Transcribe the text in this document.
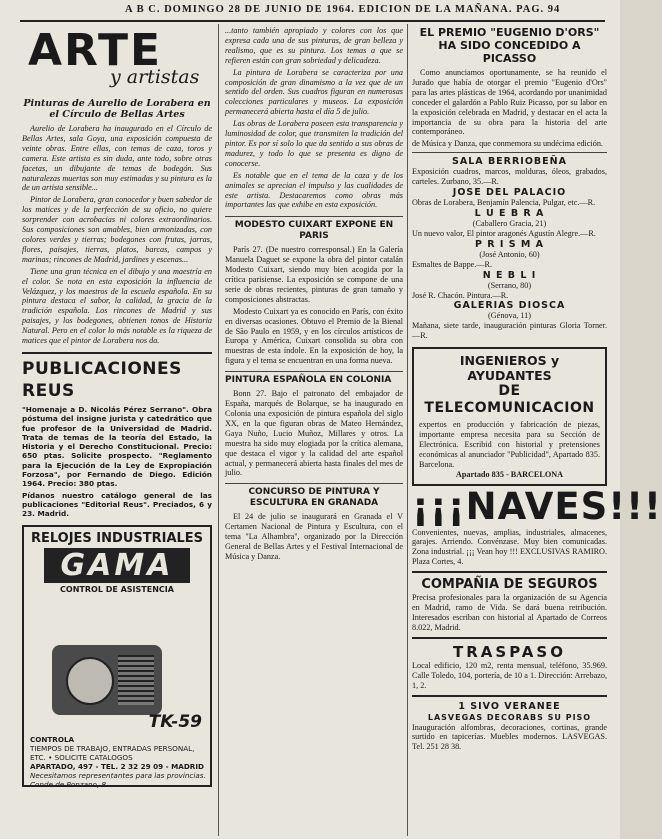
A B C. DOMINGO 28 DE JUNIO DE 1964. EDICION DE LA MAÑANA. PAG. 94
ARTE
y artistas

Pinturas de Aurelio de Lorabera en el Círculo de Bellas Artes

Aurelio de Lorabera ha inaugurado en el Círculo de Bellas Artes, sala Goya, una exposición compuesta de veinte obras. Entre ellas, con temas de caza, toros y camera. Este artista es sin duda, ante todo, sobre otras facetas, un dibujante de temas de bodegón. Sus naturalezas muertas son muy estimadas y su pintura es la de un artista sensible...

Pintor de Lorabera, gran conocedor y buen sabedor de los matices y de la perfección de su oficio, no quiere sorprender con acrobacias ni colores extraordinarios. Sus composiciones son amables, bien armonizadas, con colores verdes y tierras; bodegones con frutas, jarras, flores, paisajes, tierras, platos, barcas, campos y marinas; rincones de Madrid, jardines y escenas...

Tiene una gran técnica en el dibujo y una maestría en el color. Se nota en esta exposición la influencia de Velázquez, y los maestros de la escuela española. En su pintura destaca el sabor, la calidad, la gracia de la tradición española. Los rincones de Madrid y sus paisajes, y los bodegones, obtienen tonos de Historia Natural. Pero en el color lo más notable es la riqueza de matices que el pintor de Lorabera nos da.

PUBLICACIONES REUS

"Homenaje a D. Nicolás Pérez Serrano". Obra póstuma del insigne jurista y catedrático que fue profesor de la Universidad de Madrid. Trata de temas de la teoría del Estado, la Historia y el Derecho Constitucional. Precio: 650 ptas. Solicite prospecto. "Reglamento para la Ejecución de la Ley de Expropiación Forzosa", por Fernando de Diego. Edición 1964. Precio: 380 ptas.

Pídanos nuestro catálogo general de las publicaciones "Editorial Reus". Preciados, 6 y 23. Madrid.

RELOJES INDUSTRIALES
GAMA
CONTROL DE ASISTENCIA
TK-59
CONTROLA
TIEMPOS DE TRABAJO, ENTRADAS PERSONAL, ETC. • SOLICITE CATALOGOS
APARTADO, 497 - TEL. 2 32 29 09 - MADRID
Necesitamos representantes para las provincias. Conde de Ponzano, 8

...tanto también apropiado y colores con los que expresa cada una de sus pinturas, de gran belleza y realismo, que es su pintura. Los temas a que se refieren están con gran sobriedad y delicadeza.

La pintura de Lorabera se caracteriza por una composición de gran dinamismo a la vez que de un sentido del orden. Sus cuadros figuran en numerosas colecciones particulares y museos. La exposición permanecerá abierta hasta el día 5 de julio.

Las obras de Lorabera poseen esta transparencia y luminosidad de color, que transmiten la tradición del pintor. Es por sí solo lo que da sentido a sus obras de madurez, y todo lo que se presenta es digno de conocerse.

Es notable que en el tema de la caza y de los animales se aprecian el impulso y las cualidades de este artista. Destacaremos como obras más importantes las que exhibe en esta exposición.

MODESTO CUIXART EXPONE EN PARIS

París 27. (De nuestro corresponsal.) En la Galería Manuela Daguet se expone la obra del pintor catalán Modesto Cuixart, siendo muy bien acogida por la crítica parisiense. La exposición se compone de una serie de obras recientes, pinturas de gran tamaño y composiciones abstractas.

Modesto Cuixart ya es conocido en París, con éxito en diversas ocasiones. Obtuvo el Premio de la Bienal de São Paulo en 1959, y en los círculos artísticos de Europa y América, Cuixart consolida su obra con muestras de esta índole. En la exposición de hoy, la figura y el tema se encuentran en una forma nueva.

PINTURA ESPAÑOLA EN COLONIA

Bonn 27. Bajo el patronato del embajador de España, marqués de Bolarque, se ha inaugurado en Colonia una exposición de pintura española del siglo XX, en la que figuran obras de Mateo Hernández, Gaya Nuño, Lucio Muñoz, Millares y otros. La muestra ha sido muy elogiada por la crítica alemana, que destaca el vigor y la calidad del arte español actual, y permanecerá abierta hasta finales del mes de julio.

CONCURSO DE PINTURA Y ESCULTURA EN GRANADA

El 24 de julio se inaugurará en Granada el V Certamen Nacional de Pintura y Escultura, con el tema "La Alhambra", organizado por la Dirección General de Bellas Artes y el Festival Internacional de Música y Danza.

EL PREMIO "EUGENIO D'ORS" HA SIDO CONCEDIDO A PICASSO

Como anunciamos oportunamente, se ha reunido el Jurado que había de otorgar el premio "Eugenio d'Ors" para las artes plásticas de 1964, acordando por unanimidad conceder el galardón a Pablo Ruiz Picasso, por su labor en la exposición celebrada en Madrid, y destacar en el acta la importancia de su obra para la historia del arte contemporáneo.

de Música y Danza, que conmemora su undécima edición.

SALA BERRIOBEÑA

Exposición cuadros, marcos, molduras, óleos, grabados, carteles. Zurbano, 35.—R.

JOSE DEL PALACIO

Obras de Lorabera, Benjamín Palencia, Pulgar, etc.—R.

L U E B R A

(Caballero Gracia, 21)

Un nuevo valor, El pintor aragonés Agustín Alegre.—R.

P R I S M A

(José Antonio, 60)

Esmaltes de Bappe.—R.

N E B L I

(Serrano, 80)

José R. Chacón. Pintura.—R.

GALERIAS DIOSCA

(Génova, 11)

Mañana, siete tarde, inauguración pinturas Gloria Torner.—R.

INGENIEROS y AYUDANTES
DE TELECOMUNICACION

expertos en producción y fabricación de piezas, importante empresa necesita para su Sección de Electrónica. Escribid con historial y pretensiones económicas al anunciador "Publicidad", Apartado 835. Barcelona.

Apartado 835 - BARCELONA

¡¡¡NAVES!!!

Convenientes, nuevas, amplias, industriales, almacenes, garajes. Arriendo. Convénzase. Muy bien comunicadas. Zona industrial. ¡¡¡ Vean hoy !!! EXCLUSIVAS RAMIRO. Plaza Cortes, 4.

COMPAÑIA DE SEGUROS

Precisa profesionales para la organización de su Agencia en Madrid, ramo de Vida. Se dará buena retribución. Interesados escriban con historial al Apartado de Correos 8.022, Madrid.

TRASPASO

Local edificio, 120 m2, renta mensual, teléfono, 35.969. Calle Toledo, 104, portería, de 10 a 1. Dirección: Arrebazo, 1, 2.

1 SIVO VERANEE
LASVEGAS DECORABS SU PISO

Inauguración alfombras, decoraciones, cortinas, grande surtido en tapicerías. Muebles modernos. LASVEGAS. Tel. 251 28 38.
